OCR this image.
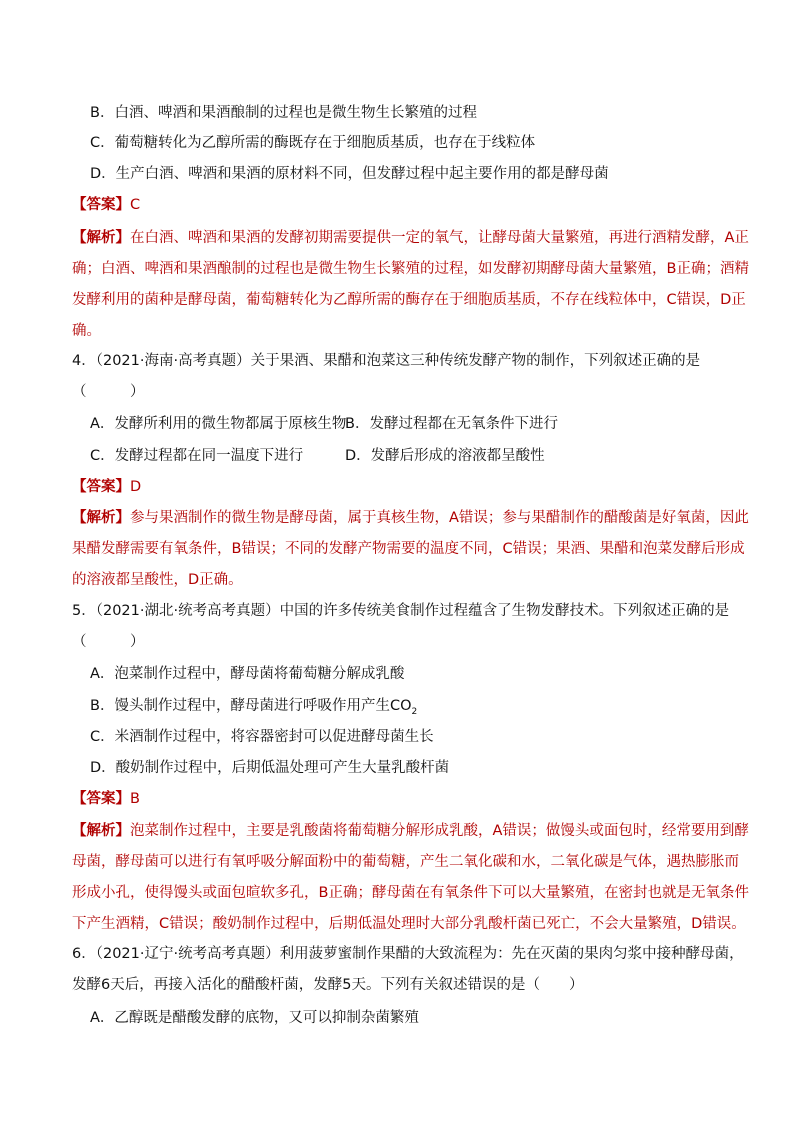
B．白酒、啤酒和果酒酿制的过程也是微生物生长繁殖的过程
C．葡萄糖转化为乙醇所需的酶既存在于细胞质基质，也存在于线粒体
D．生产白酒、啤酒和果酒的原材料不同，但发酵过程中起主要作用的都是酵母菌
【答案】C
【解析】在白酒、啤酒和果酒的发酵初期需要提供一定的氧气，让酵母菌大量繁殖，再进行酒精发酵，A正
确；白酒、啤酒和果酒酿制的过程也是微生物生长繁殖的过程，如发酵初期酵母菌大量繁殖，B正确；酒精
发酵利用的菌种是酵母菌，葡萄糖转化为乙醇所需的酶存在于细胞质基质，不存在线粒体中，C错误，D正
确。
4．（2021·海南·高考真题）关于果酒、果醋和泡菜这三种传统发酵产物的制作，下列叙述正确的是
（　　　）
A．发酵所利用的微生物都属于原核生物
B．发酵过程都在无氧条件下进行
C．发酵过程都在同一温度下进行	D．发酵后形成的溶液都呈酸性
【答案】D
【解析】参与果酒制作的微生物是酵母菌，属于真核生物，A错误；参与果醋制作的醋酸菌是好氧菌，因此
果醋发酵需要有氧条件，B错误；不同的发酵产物需要的温度不同，C错误；果酒、果醋和泡菜发酵后形成
的溶液都呈酸性，D正确。
5．（2021·湖北·统考高考真题）中国的许多传统美食制作过程蕴含了生物发酵技术。下列叙述正确的是
（　　　）
A．泡菜制作过程中，酵母菌将葡萄糖分解成乳酸
B．馒头制作过程中，酵母菌进行呼吸作用产生$CO_2$
C．米酒制作过程中，将容器密封可以促进酵母菌生长
D．酸奶制作过程中，后期低温处理可产生大量乳酸杆菌
【答案】B
【解析】泡菜制作过程中，主要是乳酸菌将葡萄糖分解形成乳酸，A错误；做馒头或面包时，经常要用到酵
母菌，酵母菌可以进行有氧呼吸分解面粉中的葡萄糖，产生二氧化碳和水，二氧化碳是气体，遇热膨胀而
形成小孔，使得馒头或面包暄软多孔，B正确；酵母菌在有氧条件下可以大量繁殖，在密封也就是无氧条件
下产生酒精，C错误；酸奶制作过程中，后期低温处理时大部分乳酸杆菌已死亡，不会大量繁殖，D错误。
6．（2021·辽宁·统考高考真题）利用菠萝蜜制作果醋的大致流程为：先在灭菌的果肉匀浆中接种酵母菌，
发酵6天后，再接入活化的醋酸杆菌，发酵5天。下列有关叙述错误的是（　　）
A．乙醇既是醋酸发酵的底物，又可以抑制杂菌繁殖
